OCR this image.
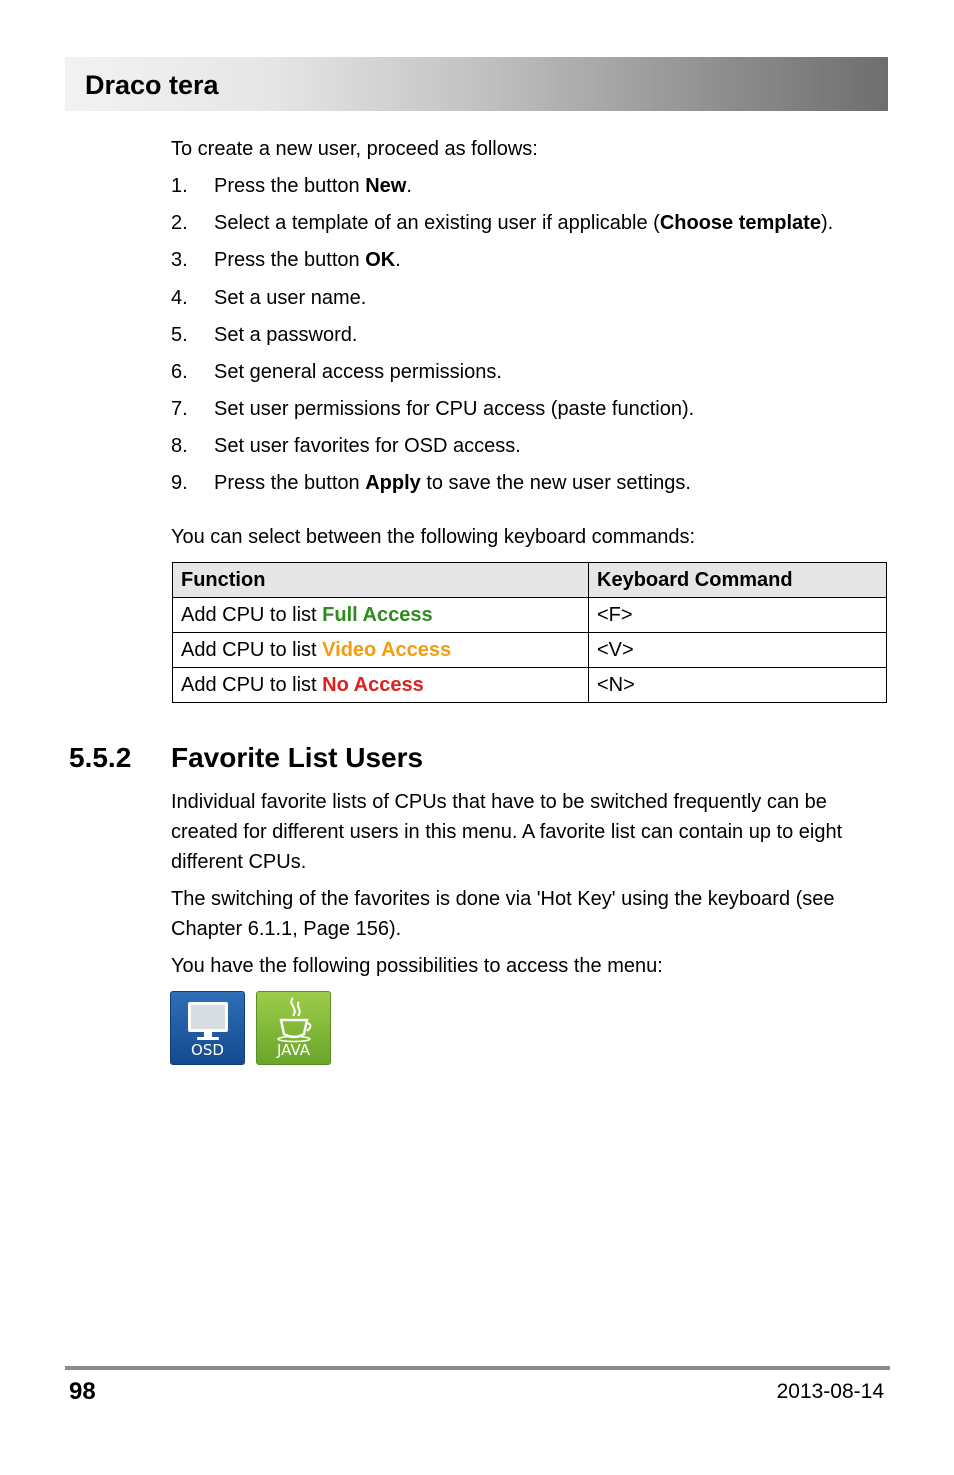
Draco tera
To create a new user, proceed as follows:
1. Press the button New.
2. Select a template of an existing user if applicable (Choose template).
3. Press the button OK.
4. Set a user name.
5. Set a password.
6. Set general access permissions.
7. Set user permissions for CPU access (paste function).
8. Set user favorites for OSD access.
9. Press the button Apply to save the new user settings.
You can select between the following keyboard commands:
Function	Keyboard Command
Add CPU to list Full Access	<F>
Add CPU to list Video Access	<V>
Add CPU to list No Access	<N>
5.5.2 Favorite List Users
Individual favorite lists of CPUs that have to be switched frequently can be created for different users in this menu. A favorite list can contain up to eight different CPUs.
The switching of the favorites is done via 'Hot Key' using the keyboard (see Chapter 6.1.1, Page 156).
You have the following possibilities to access the menu:
OSD	JAVA
98	2013-08-14
